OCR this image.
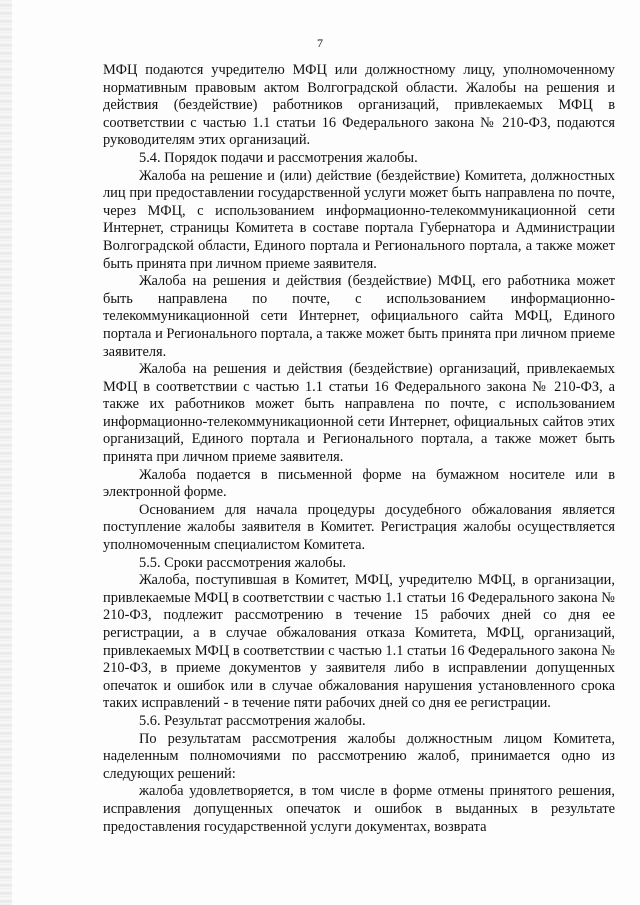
7

МФЦ подаются учредителю МФЦ или должностному лицу, уполномоченному нормативным правовым актом Волгоградской области. Жалобы на решения и действия (бездействие) работников организаций, привлекаемых МФЦ в соответствии с частью 1.1 статьи 16 Федерального закона № 210-ФЗ, подаются руководителям этих организаций.

5.4. Порядок подачи и рассмотрения жалобы.

Жалоба на решение и (или) действие (бездействие) Комитета, должностных лиц при предоставлении государственной услуги может быть направлена по почте, через МФЦ, с использованием информационно-телекоммуникационной сети Интернет, страницы Комитета в составе портала Губернатора и Администрации Волгоградской области, Единого портала и Регионального портала, а также может быть принята при личном приеме заявителя.

Жалоба на решения и действия (бездействие) МФЦ, его работника может быть направлена по почте, с использованием информационно-телекоммуникационной сети Интернет, официального сайта МФЦ, Единого портала и Регионального портала, а также может быть принята при личном приеме заявителя.

Жалоба на решения и действия (бездействие) организаций, привлекаемых МФЦ в соответствии с частью 1.1 статьи 16 Федерального закона № 210-ФЗ, а также их работников может быть направлена по почте, с использованием информационно-телекоммуникационной сети Интернет, официальных сайтов этих организаций, Единого портала и Регионального портала, а также может быть принята при личном приеме заявителя.

Жалоба подается в письменной форме на бумажном носителе или в электронной форме.

Основанием для начала процедуры досудебного обжалования является поступление жалобы заявителя в Комитет. Регистрация жалобы осуществляется уполномоченным специалистом Комитета.

5.5. Сроки рассмотрения жалобы.

Жалоба, поступившая в Комитет, МФЦ, учредителю МФЦ, в организации, привлекаемые МФЦ в соответствии с частью 1.1 статьи 16 Федерального закона № 210-ФЗ, подлежит рассмотрению в течение 15 рабочих дней со дня ее регистрации, а в случае обжалования отказа Комитета, МФЦ, организаций, привлекаемых МФЦ в соответствии с частью 1.1 статьи 16 Федерального закона № 210-ФЗ, в приеме документов у заявителя либо в исправлении допущенных опечаток и ошибок или в случае обжалования нарушения установленного срока таких исправлений - в течение пяти рабочих дней со дня ее регистрации.

5.6. Результат рассмотрения жалобы.

По результатам рассмотрения жалобы должностным лицом Комитета, наделенным полномочиями по рассмотрению жалоб, принимается одно из следующих решений:

жалоба удовлетворяется, в том числе в форме отмены принятого решения, исправления допущенных опечаток и ошибок в выданных в результате предоставления государственной услуги документах, возврата
